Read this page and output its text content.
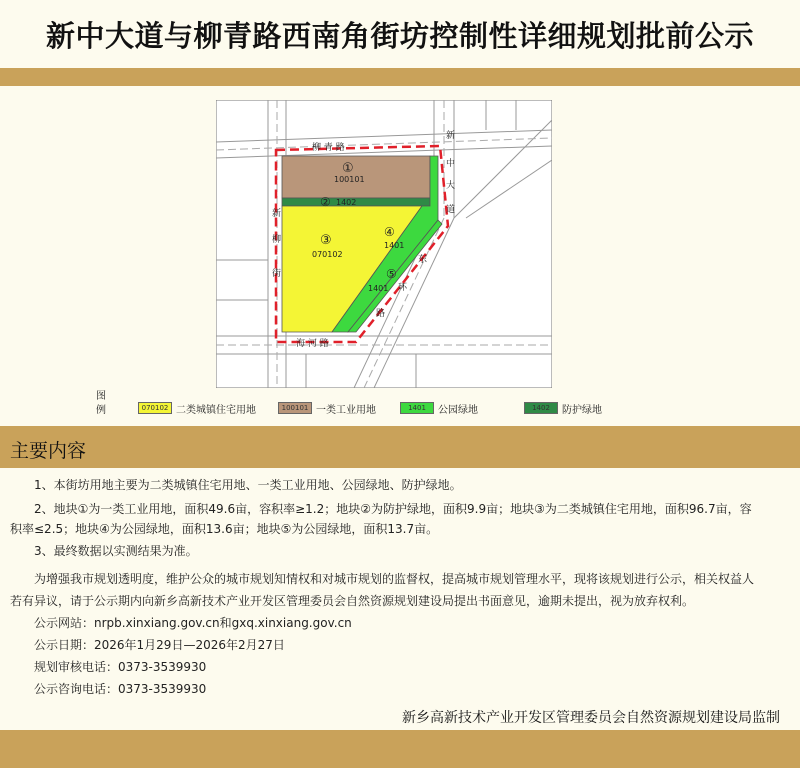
新中大道与柳青路西南角街坊控制性详细规划批前公示
柳 青 路
新
中
大
道
新
柳
街
海 河 路
东
环
路
①
100101
② 1402
③
070102
④
1401
⑤
1401
图例	070102 二类城镇住宅用地	100101 一类工业用地	1401	公园绿地	1402	防护绿地
主要内容
1、本街坊用地主要为二类城镇住宅用地、一类工业用地、公园绿地、防护绿地。
2、地块①为一类工业用地，面积49.6亩，容积率≥1.2；地块②为防护绿地，面积9.9亩；地块③为二类城镇住宅用地，面积96.7亩，容
积率≤2.5；地块④为公园绿地，面积13.6亩；地块⑤为公园绿地，面积13.7亩。
3、最终数据以实测结果为准。
为增强我市规划透明度，维护公众的城市规划知情权和对城市规划的监督权，提高城市规划管理水平，现将该规划进行公示，相关权益人
若有异议，请于公示期内向新乡高新技术产业开发区管理委员会自然资源规划建设局提出书面意见，逾期未提出，视为放弃权利。
公示网站：nrpb.xinxiang.gov.cn和gxq.xinxiang.gov.cn
公示日期：2026年1月29日—2026年2月27日
规划审核电话：0373-3539930
公示咨询电话：0373-3539930
新乡高新技术产业开发区管理委员会自然资源规划建设局监制
